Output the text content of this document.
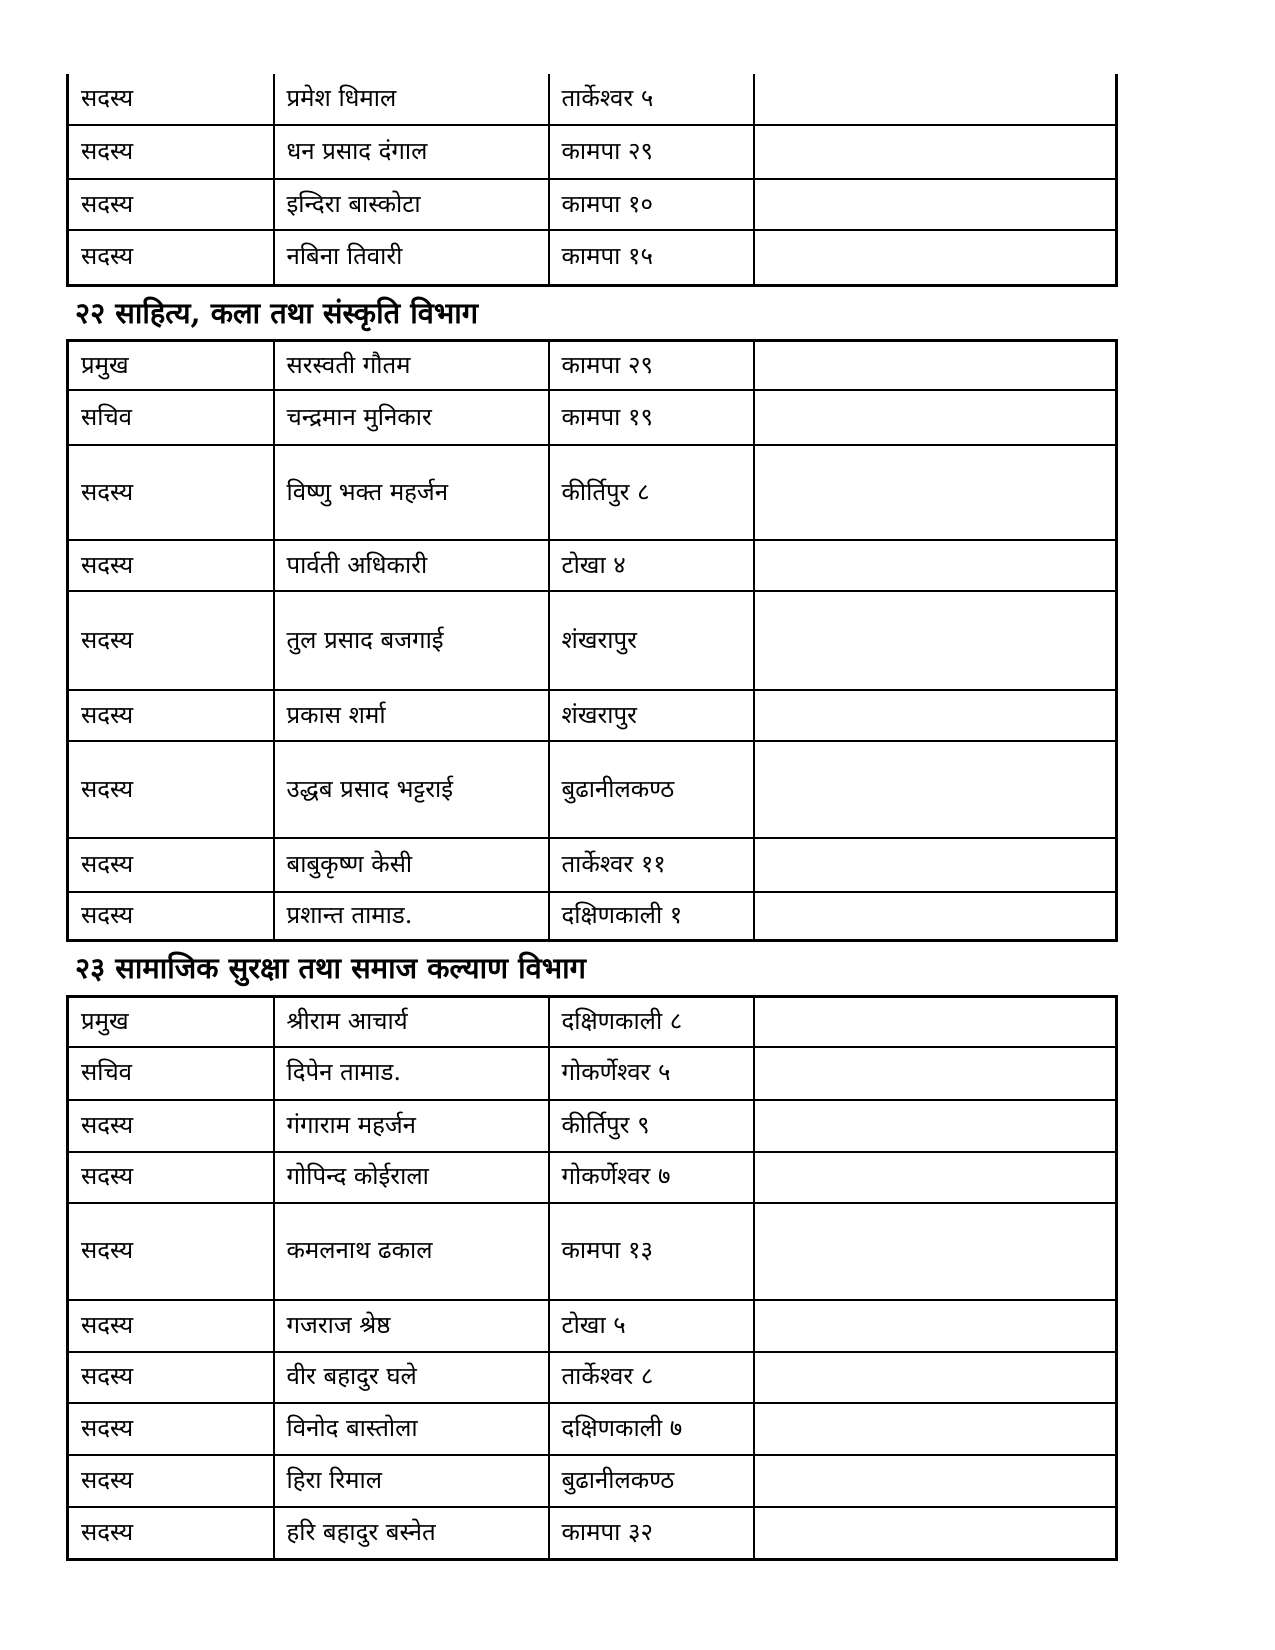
सदस्य	प्रमेश धिमाल	तार्केश्वर ५	
सदस्य	धन प्रसाद दंगाल	कामपा २९	
सदस्य	इन्दिरा बास्कोटा	कामपा १०	
सदस्य	नबिना तिवारी	कामपा १५	
२२ साहित्य, कला तथा संस्कृति विभाग
प्रमुख	सरस्वती गौतम	कामपा २९	
सचिव	चन्द्रमान मुनिकार	कामपा १९	
सदस्य	विष्णु भक्त महर्जन	कीर्तिपुर ८	
सदस्य	पार्वती अधिकारी	टोखा ४	
सदस्य	तुल प्रसाद बजगाई	शंखरापुर	
सदस्य	प्रकास शर्मा	शंखरापुर	
सदस्य	उद्धब प्रसाद भट्टराई	बुढानीलकण्ठ	
सदस्य	बाबुकृष्ण केसी	तार्केश्वर ११	
सदस्य	प्रशान्त तामाड.	दक्षिणकाली १	
२३ सामाजिक सुरक्षा तथा समाज कल्याण विभाग
प्रमुख	श्रीराम आचार्य	दक्षिणकाली ८	
सचिव	दिपेन तामाड.	गोकर्णेश्वर ५	
सदस्य	गंगाराम महर्जन	कीर्तिपुर ९	
सदस्य	गोपिन्द कोईराला	गोकर्णेश्वर ७	
सदस्य	कमलनाथ ढकाल	कामपा १३	
सदस्य	गजराज श्रेष्ठ	टोखा ५	
सदस्य	वीर बहादुर घले	तार्केश्वर ८	
सदस्य	विनोद बास्तोला	दक्षिणकाली ७	
सदस्य	हिरा रिमाल	बुढानीलकण्ठ	
सदस्य	हरि बहादुर बस्नेत	कामपा ३२	
